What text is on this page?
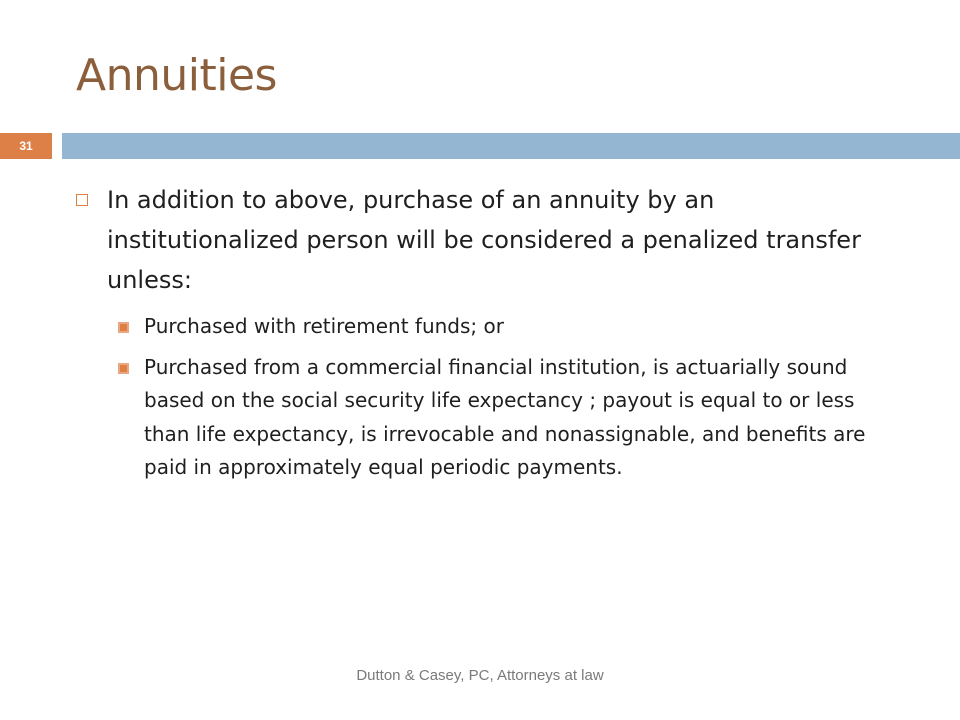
Annuities
31
In addition to above, purchase of an annuity by an institutionalized person will be considered a penalized transfer unless:
Purchased with retirement funds; or
Purchased from a commercial financial institution, is actuarially sound based on the social security life expectancy ; payout is equal to or less than life expectancy, is irrevocable and nonassignable, and benefits are paid in approximately equal periodic payments.
Dutton & Casey, PC, Attorneys at law
